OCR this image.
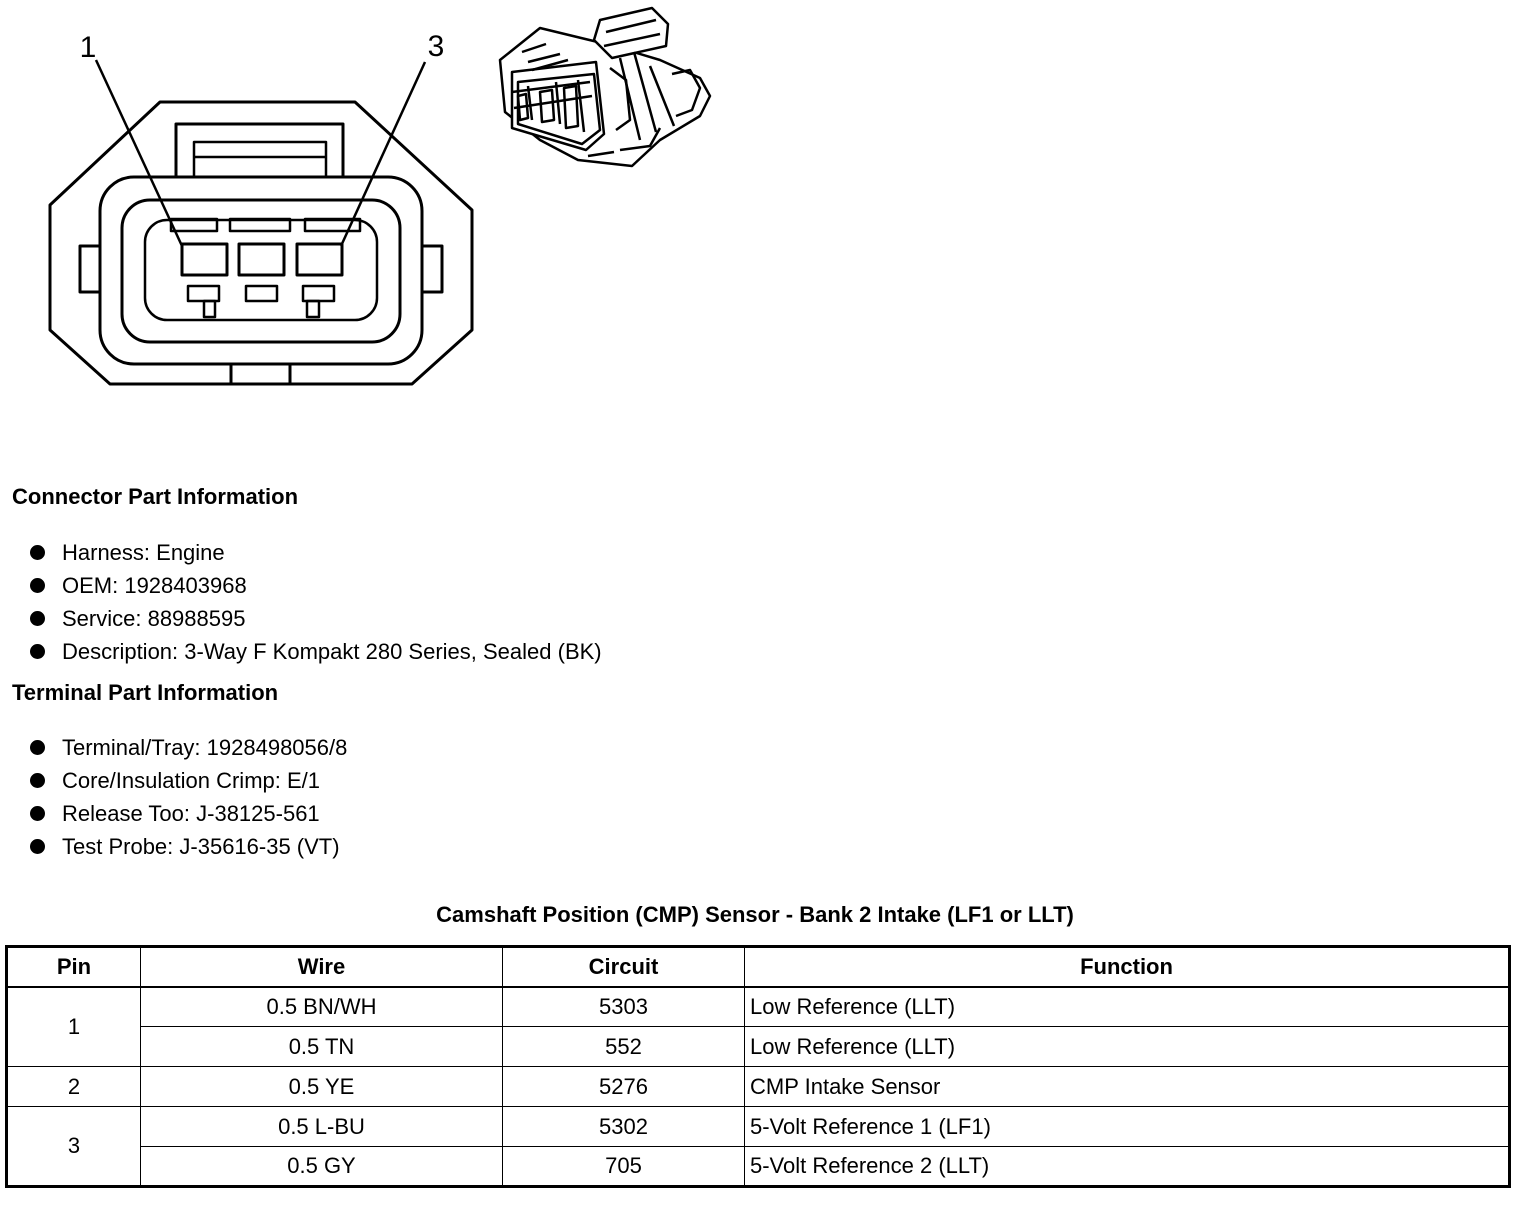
1	3
Connector Part Information
Harness: Engine
OEM: 1928403968
Service: 88988595
Description: 3-Way F Kompakt 280 Series, Sealed (BK)
Terminal Part Information
Terminal/Tray: 1928498056/8
Core/Insulation Crimp: E/1
Release Too: J-38125-561
Test Probe: J-35616-35 (VT)
Camshaft Position (CMP) Sensor - Bank 2 Intake (LF1 or LLT)
Pin	Wire	Circuit	Function
1	0.5 BN/WH	5303	Low Reference (LLT)
	0.5 TN	552	Low Reference (LLT)
2	0.5 YE	5276	CMP Intake Sensor
3	0.5 L-BU	5302	5-Volt Reference 1 (LF1)
	0.5 GY	705	5-Volt Reference 2 (LLT)
